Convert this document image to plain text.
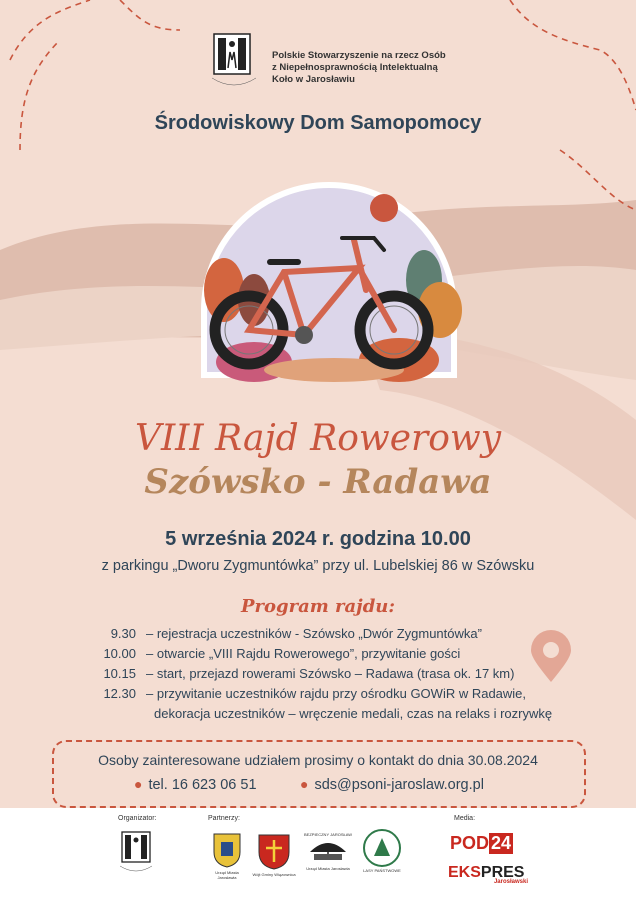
Polskie Stowarzyszenie na rzecz Osób
z Niepełnosprawnością Intelektualną
Koło w Jarosławiu
Środowiskowy Dom Samopomocy
VIII Rajd Rowerowy
Szówsko - Radawa
5 września 2024 r. godzina 10.00
z parkingu „Dworu Zygmuntówka” przy ul. Lubelskiej 86 w Szówsku
Program rajdu:
9.30 – rejestracja uczestników - Szówsko „Dwór Zygmuntówka”
10.00 – otwarcie „VIII Rajdu Rowerowego”, przywitanie gości
10.15 – start, przejazd rowerami Szówsko – Radawa (trasa ok. 17 km)
12.30 – przywitanie uczestników rajdu przy ośrodku GOWiR w Radawie,
dekoracja uczestników – wręczenie medali, czas na relaks i rozrywkę
Osoby zainteresowane udziałem prosimy o kontakt do dnia 30.08.2024
● tel. 16 623 06 51	● sds@psoni-jaroslaw.org.pl
Organizator:	Partnerzy:	Media:
Urząd Miasta Jarosławia
Wójt Gminy Wiązownica
BEZPIECZNY JAROSŁAW
Urząd Miasta Jarosławia	LASY PAŃSTWOWE
POD 24
EKSPRES
Jarosławski
